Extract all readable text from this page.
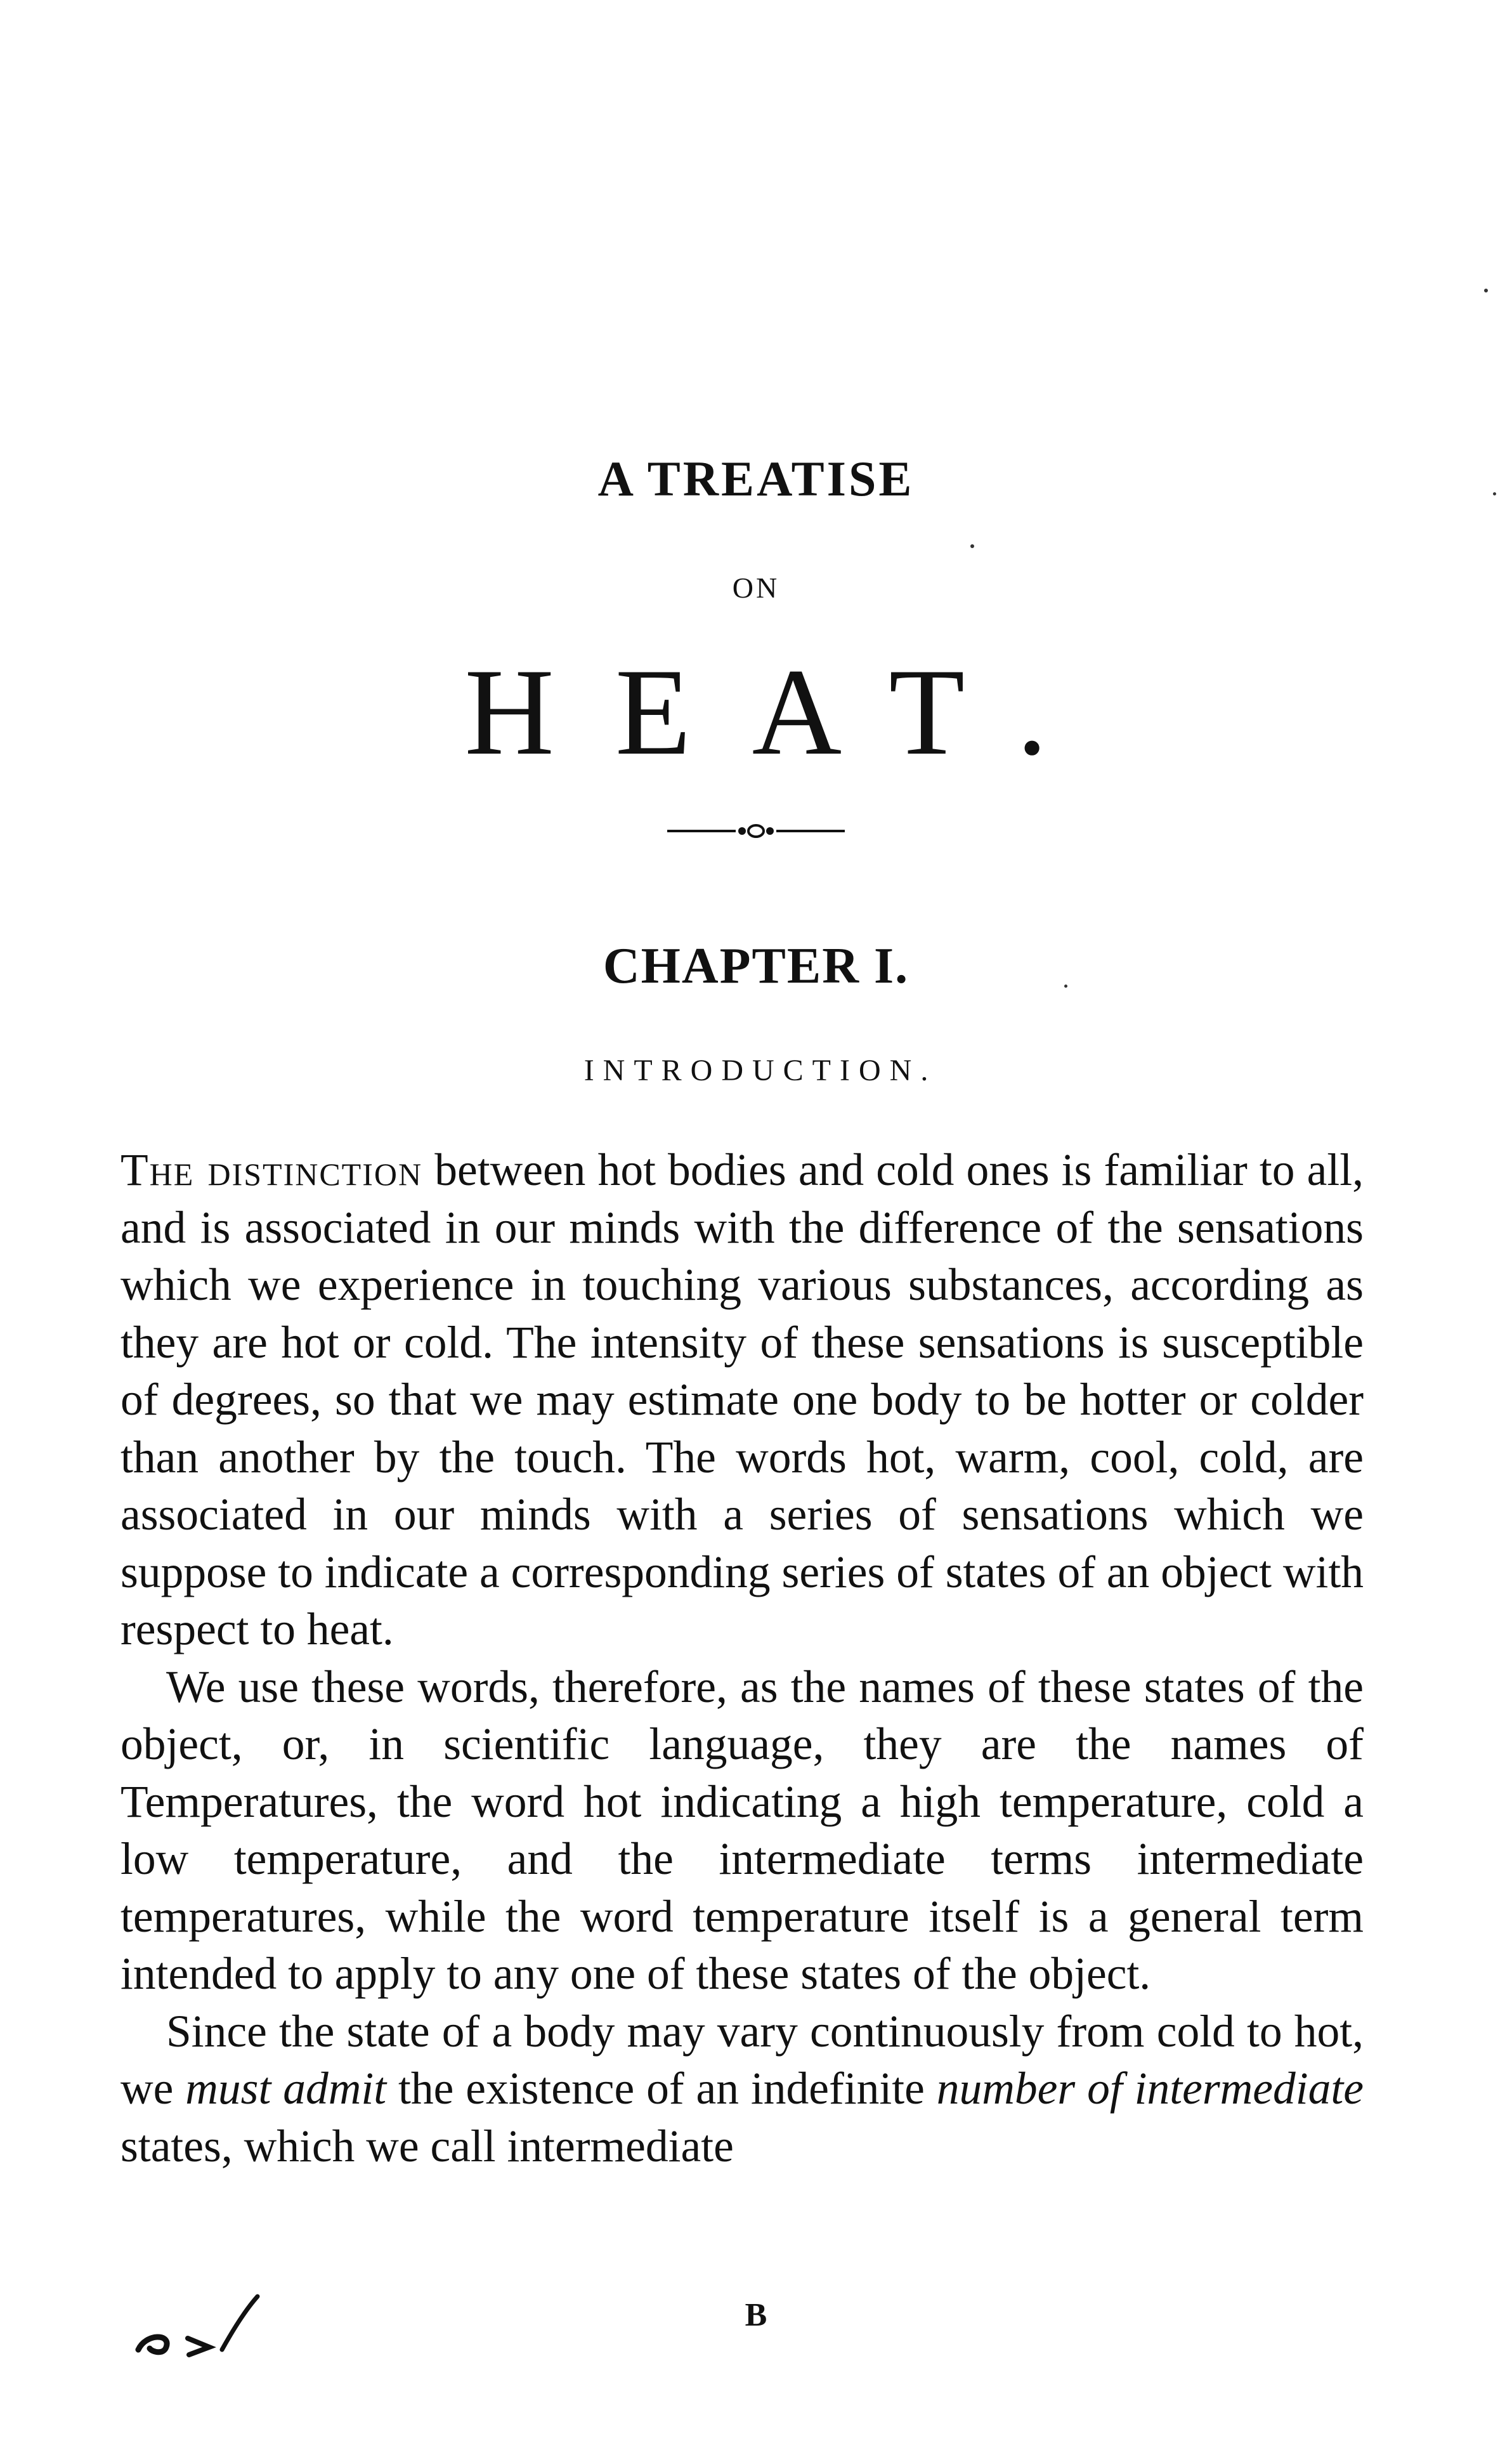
A TREATISE
ON
HEAT.
CHAPTER I.
INTRODUCTION.

The distinction between hot bodies and cold ones is familiar to all, and is associated in our minds with the difference of the sensations which we experience in touching various substances, according as they are hot or cold. The intensity of these sensations is susceptible of degrees, so that we may estimate one body to be hotter or colder than another by the touch. The words hot, warm, cool, cold, are associated in our minds with a series of sensations which we suppose to indicate a corresponding series of states of an object with respect to heat.

We use these words, therefore, as the names of these states of the object, or, in scientific language, they are the names of Temperatures, the word hot indicating a high temperature, cold a low temperature, and the intermediate terms intermediate temperatures, while the word temperature itself is a general term intended to apply to any one of these states of the object.

Since the state of a body may vary continuously from cold to hot, we must admit the existence of an indefinite number of intermediate states, which we call intermediate

B
